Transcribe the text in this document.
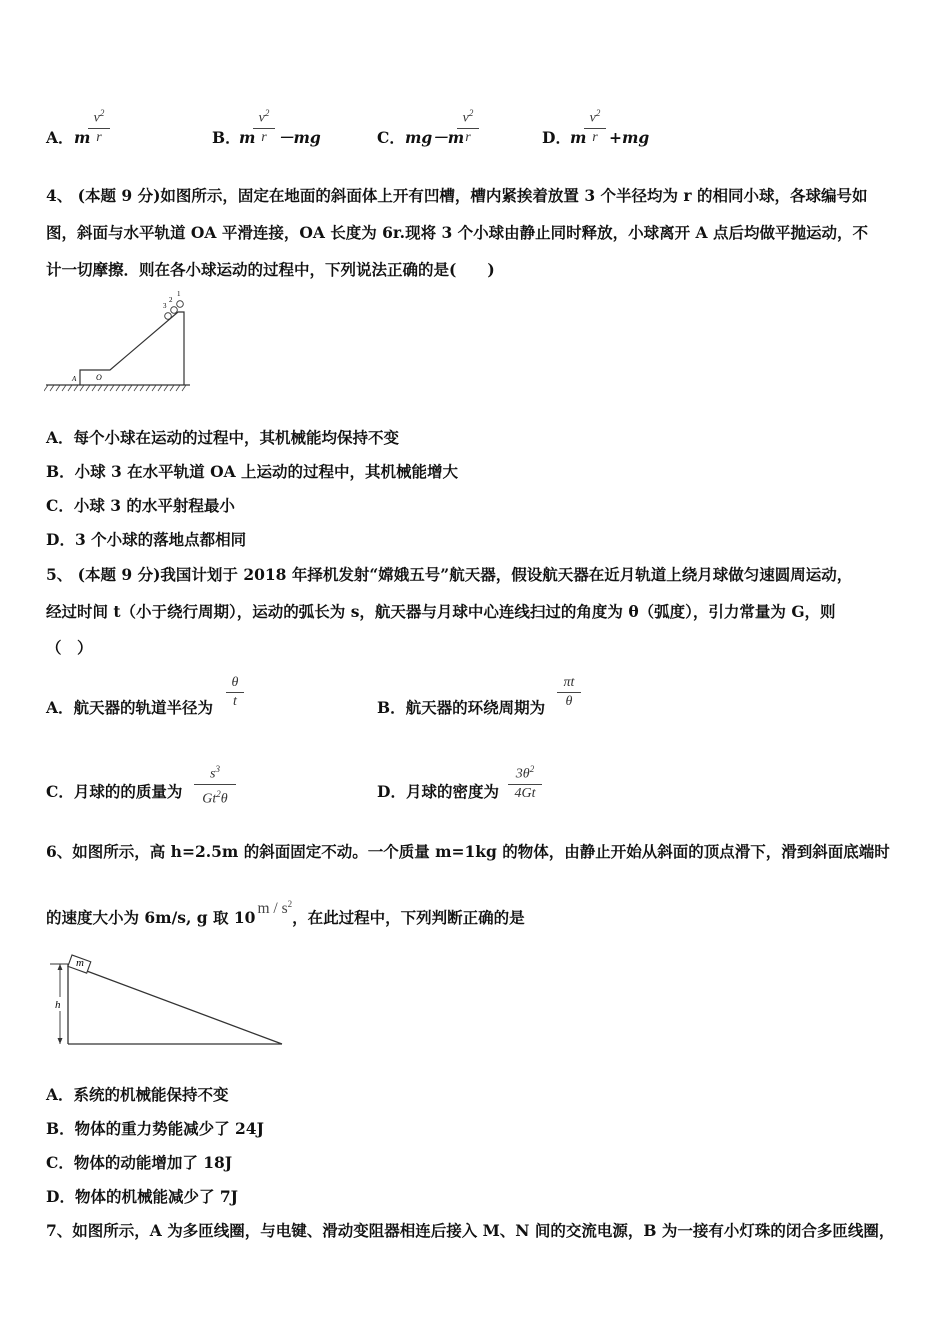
A． m
$v^2$
r	B．
m
$v^2$
r －mg	C． mg－m
$v^2$
r	D． m
$v^2$
r +mg
4、 (本题 9 分)如图所示，固定在地面的斜面体上开有凹槽，槽内紧挨着放置 3 个半径均为 r 的相同小球，各球编号如
图，斜面与水平轨道 OA 平滑连接，OA 长度为 6r.现将 3 个小球由静止同时释放，小球离开 A 点后均做平抛运动，不
计一切摩擦．则在各小球运动的过程中，下列说法正确的是(　　)
A O
3
2
1
A．每个小球在运动的过程中，其机械能均保持不变
B．小球 3 在水平轨道 OA 上运动的过程中，其机械能增大
C．小球 3 的水平射程最小
D．3 个小球的落地点都相同
5、 (本题 9 分)我国计划于 2018 年择机发射“嫦娥五号”航天器，假设航天器在近月轨道上绕月球做匀速圆周运动，
经过时间 t（小于绕行周期），运动的弧长为 s，航天器与月球中心连线扫过的角度为 θ（弧度），引力常量为 G，则
（　）
A．航天器的轨道半径为
θ
t	B．航天器的环绕周期为
πt
θ
C．月球的的质量为
$s^3$
Gt$^2$θ	D．月球的密度为
$3\theta^2$
4Gt
6、如图所示，高 h=2.5m 的斜面固定不动。一个质量 m=1kg 的物体，由静止开始从斜面的顶点滑下，滑到斜面底端时
的速度大小为 6m/s, g 取 10 m / $s^2$，在此过程中，下列判断正确的是
m
h
A．系统的机械能保持不变
B．物体的重力势能减少了 24J
C．物体的动能增加了 18J
D．物体的机械能减少了 7J
7、如图所示，A 为多匝线圈，与电键、滑动变阻器相连后接入 M、N 间的交流电源，B 为一接有小灯珠的闭合多匝线圈，
